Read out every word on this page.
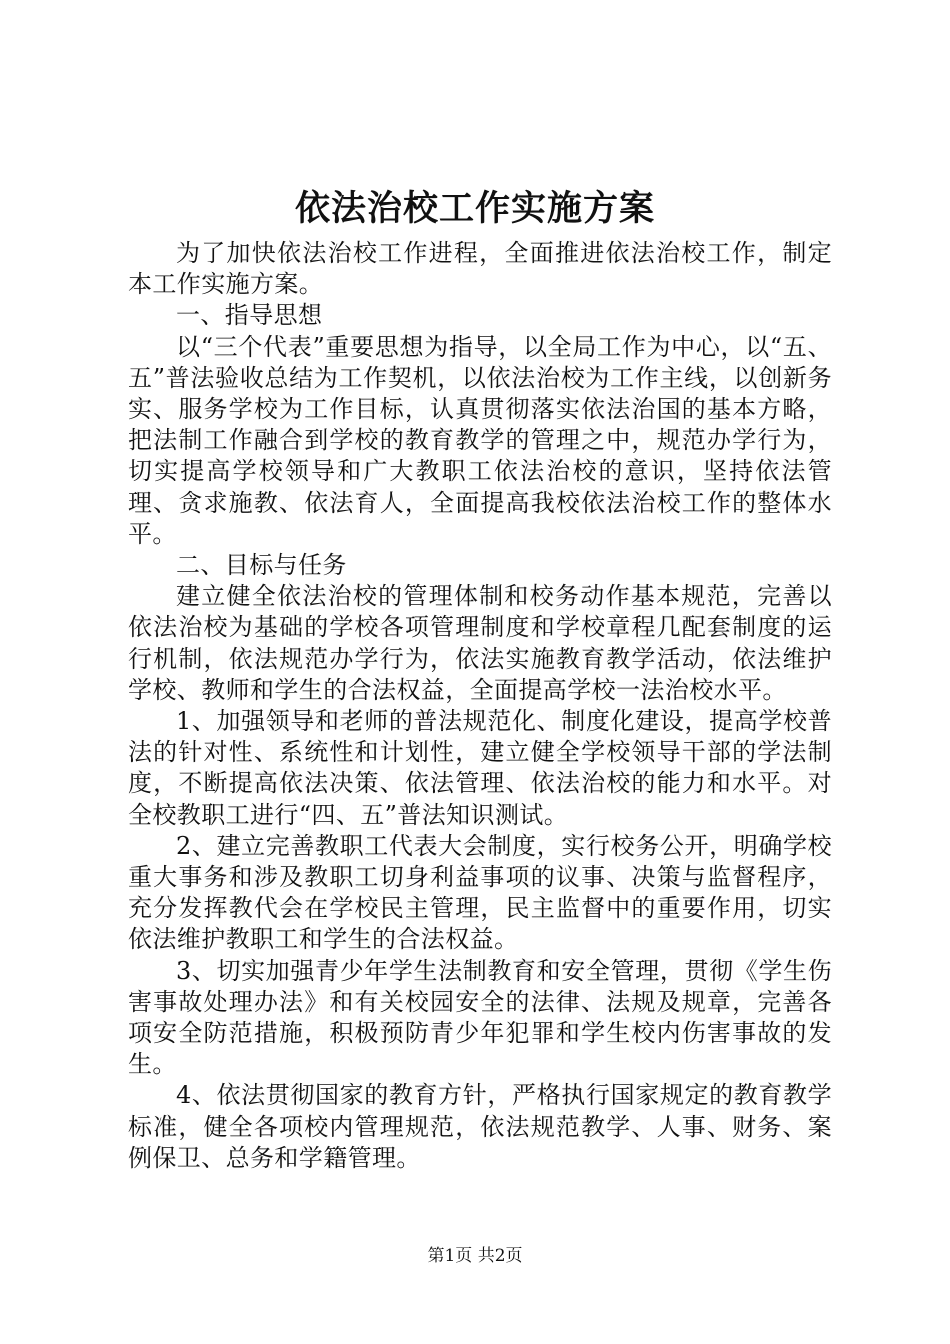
依法治校工作实施方案

为了加快依法治校工作进程，全面推进依法治校工作，制定本工作实施方案。

一、指导思想

以“三个代表”重要思想为指导，以全局工作为中心，以“五、五”普法验收总结为工作契机，以依法治校为工作主线，以创新务实、服务学校为工作目标，认真贯彻落实依法治国的基本方略，把法制工作融合到学校的教育教学的管理之中，规范办学行为，切实提高学校领导和广大教职工依法治校的意识，坚持依法管理、贪求施教、依法育人，全面提高我校依法治校工作的整体水平。

二、目标与任务

建立健全依法治校的管理体制和校务动作基本规范，完善以依法治校为基础的学校各项管理制度和学校章程几配套制度的运行机制，依法规范办学行为，依法实施教育教学活动，依法维护学校、教师和学生的合法权益，全面提高学校一法治校水平。

1、加强领导和老师的普法规范化、制度化建设，提高学校普法的针对性、系统性和计划性，建立健全学校领导干部的学法制度，不断提高依法决策、依法管理、依法治校的能力和水平。对全校教职工进行“四、五”普法知识测试。

2、建立完善教职工代表大会制度，实行校务公开，明确学校重大事务和涉及教职工切身利益事项的议事、决策与监督程序，充分发挥教代会在学校民主管理，民主监督中的重要作用，切实依法维护教职工和学生的合法权益。

3、切实加强青少年学生法制教育和安全管理，贯彻《学生伤害事故处理办法》和有关校园安全的法律、法规及规章，完善各项安全防范措施，积极预防青少年犯罪和学生校内伤害事故的发生。

4、依法贯彻国家的教育方针，严格执行国家规定的教育教学标准，健全各项校内管理规范，依法规范教学、人事、财务、案例保卫、总务和学籍管理。

第1页 共2页
